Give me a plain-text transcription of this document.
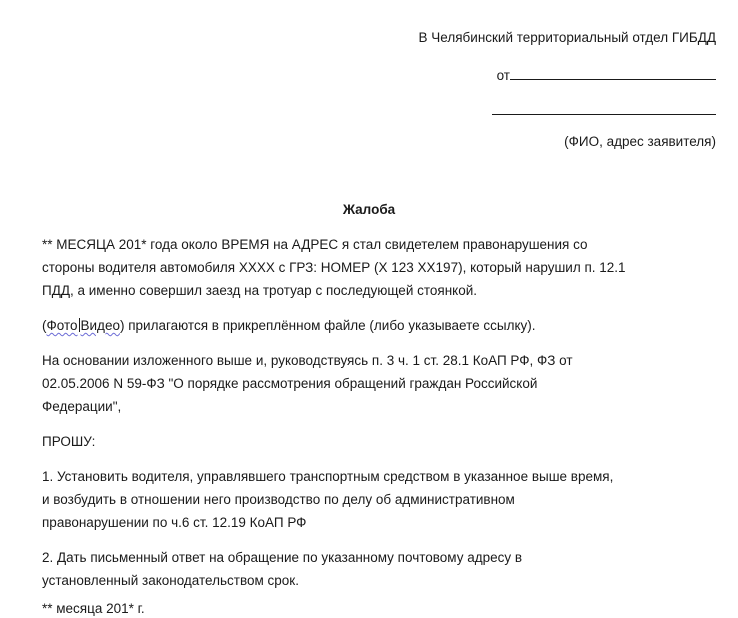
В Челябинский территориальный отдел ГИБДД
от
(ФИО, адрес заявителя)
Жалоба
** МЕСЯЦА 201* года около ВРЕМЯ на АДРЕС я стал свидетелем правонарушения со
стороны водителя автомобиля ХХХХ с ГРЗ: НОМЕР (Х 123 ХХ197), который нарушил п. 12.1
ПДД, а именно совершил заезд на тротуар с последующей стоянкой.
(Фото Видео) прилагаются в прикреплённом файле (либо указываете ссылку).
На основании изложенного выше и, руководствуясь п. 3 ч. 1 ст. 28.1 КоАП РФ, ФЗ от
02.05.2006 N 59-ФЗ "О порядке рассмотрения обращений граждан Российской
Федерации",
ПРОШУ:
1. Установить водителя, управлявшего транспортным средством в указанное выше время,
и возбудить в отношении него производство по делу об административном
правонарушении по ч.6 ст. 12.19 КоАП РФ
2. Дать письменный ответ на обращение по указанному почтовому адресу в
установленный законодательством срок.
** месяца 201* г.
